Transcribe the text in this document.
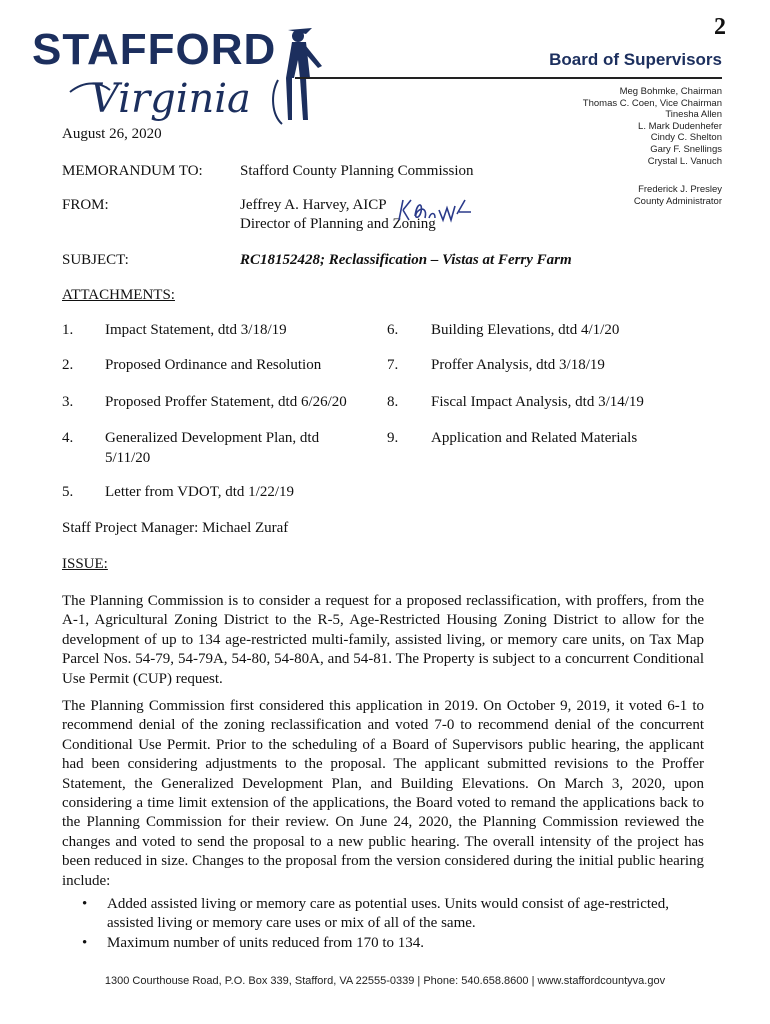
2
STAFFORD
Virginia
Board of Supervisors
Meg Bohmke, Chairman
Thomas C. Coen, Vice Chairman
Tinesha Allen
L. Mark Dudenhefer
Cindy C. Shelton
Gary F. Snellings
Crystal L. Vanuch
Frederick J. Presley
County Administrator
August 26, 2020
MEMORANDUM TO: Stafford County Planning Commission
FROM:	Jeffrey A. Harvey, AICP
Director of Planning and Zoning
SUBJECT:	RC18152428; Reclassification – Vistas at Ferry Farm
ATTACHMENTS:
1. Impact Statement, dtd 3/18/19
2. Proposed Ordinance and Resolution
3. Proposed Proffer Statement, dtd 6/26/20
4. Generalized Development Plan, dtd 5/11/20
5. Letter from VDOT, dtd 1/22/19
6. Building Elevations, dtd 4/1/20
7. Proffer Analysis, dtd 3/18/19
8. Fiscal Impact Analysis, dtd 3/14/19
9. Application and Related Materials
Staff Project Manager: Michael Zuraf
ISSUE:
The Planning Commission is to consider a request for a proposed reclassification, with proffers, from the A-1, Agricultural Zoning District to the R-5, Age-Restricted Housing Zoning District to allow for the development of up to 134 age-restricted multi-family, assisted living, or memory care units, on Tax Map Parcel Nos. 54-79, 54-79A, 54-80, 54-80A, and 54-81. The Property is subject to a concurrent Conditional Use Permit (CUP) request.
The Planning Commission first considered this application in 2019. On October 9, 2019, it voted 6-1 to recommend denial of the zoning reclassification and voted 7-0 to recommend denial of the concurrent Conditional Use Permit. Prior to the scheduling of a Board of Supervisors public hearing, the applicant had been considering adjustments to the proposal. The applicant submitted revisions to the Proffer Statement, the Generalized Development Plan, and Building Elevations. On March 3, 2020, upon considering a time limit extension of the applications, the Board voted to remand the applications back to the Planning Commission for their review. On June 24, 2020, the Planning Commission reviewed the changes and voted to send the proposal to a new public hearing. The overall intensity of the project has been reduced in size. Changes to the proposal from the version considered during the initial public hearing include:
• Added assisted living or memory care as potential uses. Units would consist of age-restricted, assisted living or memory care uses or mix of all of the same.
• Maximum number of units reduced from 170 to 134.
1300 Courthouse Road, P.O. Box 339, Stafford, VA 22555-0339 | Phone: 540.658.8600 | www.staffordcountyva.gov
